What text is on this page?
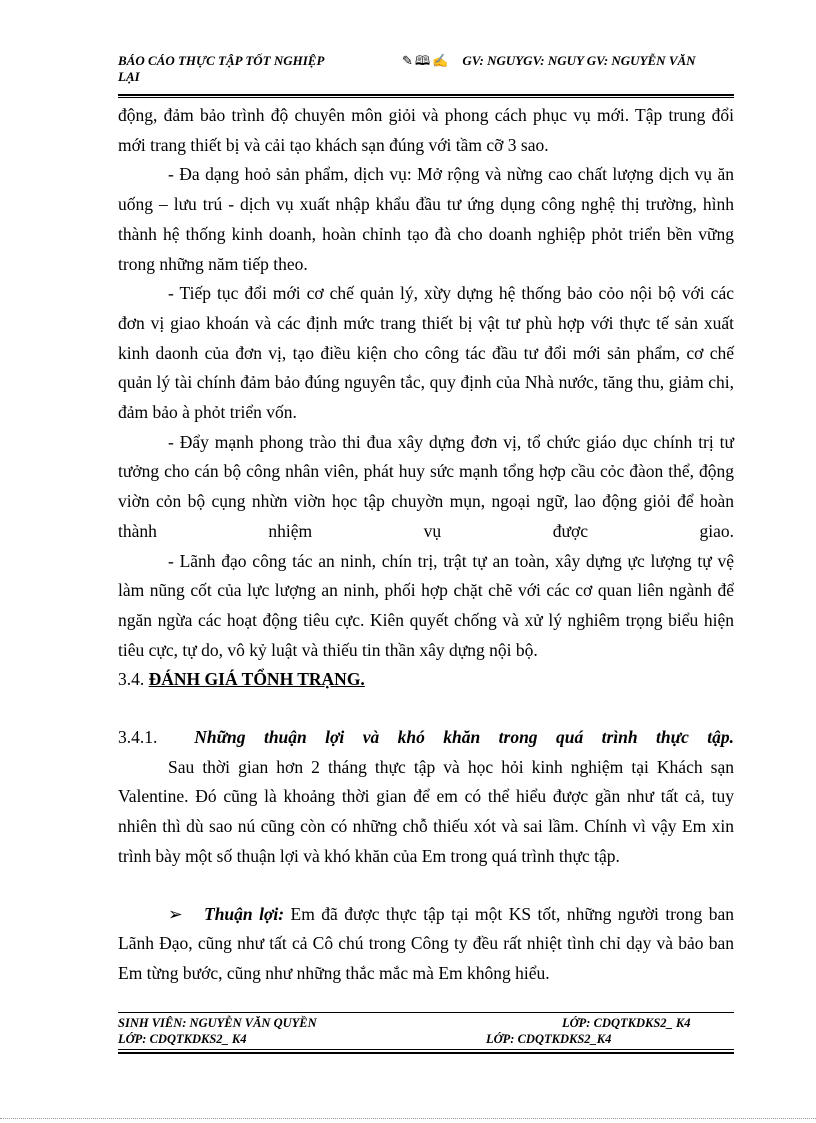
BÁO CÁO THỰC TẬP TỐT NGHIỆP LẠI
✎🕮✍ GV: NGUYGV: NGUY GV: NGUYỄN VĂN

động, đảm bảo trình độ chuyên môn giỏi và phong cách phục vụ mới. Tập trung đổi mới trang thiết bị và cải tạo khách sạn đúng với tầm cỡ 3 sao.

- Đa dạng hoỏ sản phẩm, dịch vụ: Mở rộng và nừng cao chất lượng dịch vụ ăn uống – lưu trú - dịch vụ xuất nhập khẩu đầu tư ứng dụng công nghệ thị trường, hình thành hệ thống kinh doanh, hoàn chỉnh tạo đà cho doanh nghiệp phỏt triển bền vững trong những năm tiếp theo.

- Tiếp tục đổi mới cơ chế quản lý, xừy dựng hệ thống bảo cỏo nội bộ với các đơn vị giao khoán và các định mức trang thiết bị vật tư phù hợp với thực tế sản xuất kinh daonh của đơn vị, tạo điều kiện cho công tác đầu tư đổi mới sản phẩm, cơ chế quản lý tài chính đảm bảo đúng nguyên tắc, quy định của Nhà nước, tăng thu, giảm chi, đảm bảo à phỏt triển vốn.

- Đẩy mạnh phong trào thi đua xây dựng đơn vị, tổ chức giáo dục chính trị tư tưởng cho cán bộ công nhân viên, phát huy sức mạnh tổng hợp cầu cỏc đàon thể, động viờn cỏn bộ cụng nhừn viờn học tập chuyờn mụn, ngoại ngữ, lao động giỏi để hoàn thành nhiệm vụ được giao.

- Lãnh đạo công tác an ninh, chín trị, trật tự an toàn, xây dựng ực lượng tự vệ làm nũng cốt của lực lượng an ninh, phối hợp chặt chẽ với các cơ quan liên ngành để ngăn ngừa các hoạt động tiêu cực. Kiên quyết chống và xử lý nghiêm trọng biểu hiện tiêu cực, tự do, vô kỷ luật và thiếu tin thần xây dựng nội bộ.

3.4. ĐÁNH GIÁ TỔNH TRẠNG.

3.4.1. Những thuận lợi và khó khăn trong quá trình thực tập.

Sau thời gian hơn 2 tháng thực tập và học hỏi kinh nghiệm tại Khách sạn Valentine. Đó cũng là khoảng thời gian để em có thể hiểu được gần như tất cả, tuy nhiên thì dù sao nú cũng còn có những chỗ thiếu xót và sai lầm. Chính vì vậy Em xin trình bày một số thuận lợi và khó khăn của Em trong quá trình thực tập.

➢ Thuận lợi: Em đã được thực tập tại một KS tốt, những người trong ban Lãnh Đạo, cũng như tất cả Cô chú trong Công ty đều rất nhiệt tình chỉ dạy và bảo ban Em từng bước, cũng như những thắc mắc mà Em không hiểu.

SINH VIÊN: NGUYỄN VĂN QUYỀN	LỚP: CDQTKDKS2_ K4
LỚP: CDQTKDKS2_ K4	LỚP: CDQTKDKS2_K4
